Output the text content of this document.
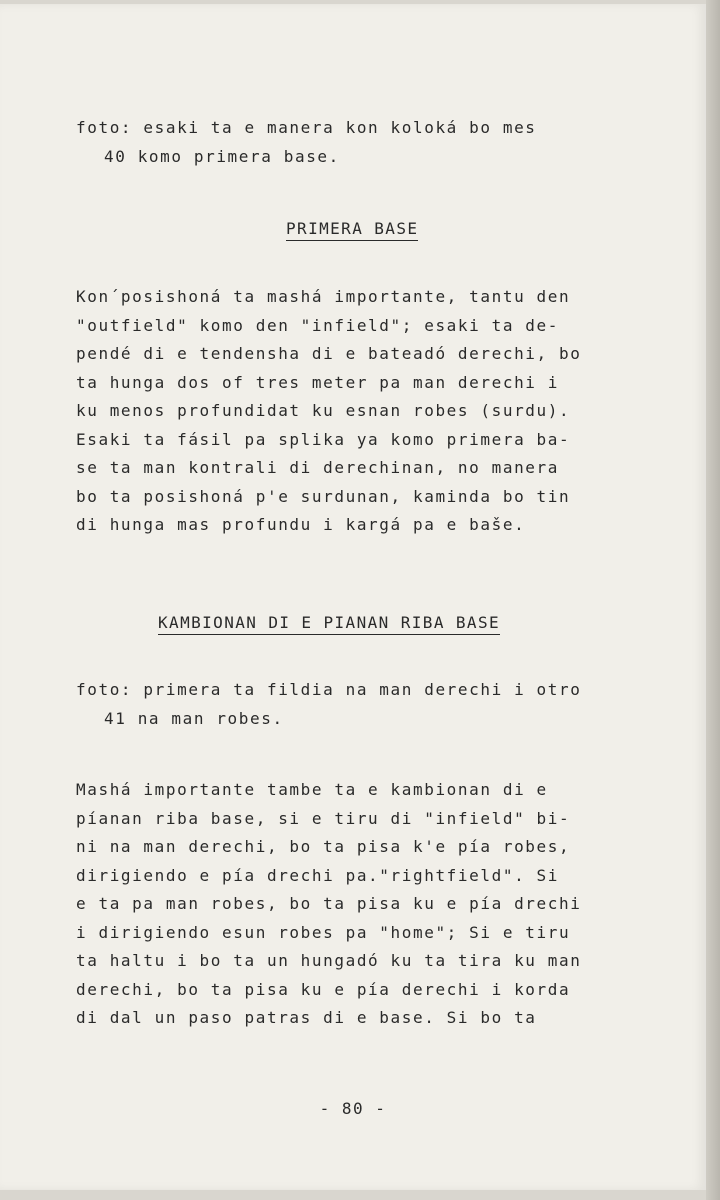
foto: esaki ta e manera kon koloká bo mes
40 komo primera base.
PRIMERA BASE
Kon´posishoná ta mashá importante, tantu den
"outfield" komo den "infield"; esaki ta de-
pendé di e tendensha di e bateadó derechi, bo
ta hunga dos of tres meter pa man derechi i
ku menos profundidat ku esnan robes (surdu).
Esaki ta fásil pa splika ya komo primera ba-
se ta man kontrali di derechinan, no manera
bo ta posishoná p'e surdunan, kaminda bo tin
di hunga mas profundu i kargá pa e baše.
KAMBIONAN DI E PIANAN RIBA BASE
foto: primera ta fildia na man derechi i otro
41 na man robes.
Mashá importante tambe ta e kambionan di e
píanan riba base, si e tiru di "infield" bi-
ni na man derechi, bo ta pisa k'e pía robes,
dirigiendo e pía drechi pa."rightfield". Si
e ta pa man robes, bo ta pisa ku e pía drechi
i dirigiendo esun robes pa "home"; Si e tiru
ta haltu i bo ta un hungadó ku ta tira ku man
derechi, bo ta pisa ku e pía derechi i korda
di dal un paso patras di e base. Si bo ta
- 80 -
